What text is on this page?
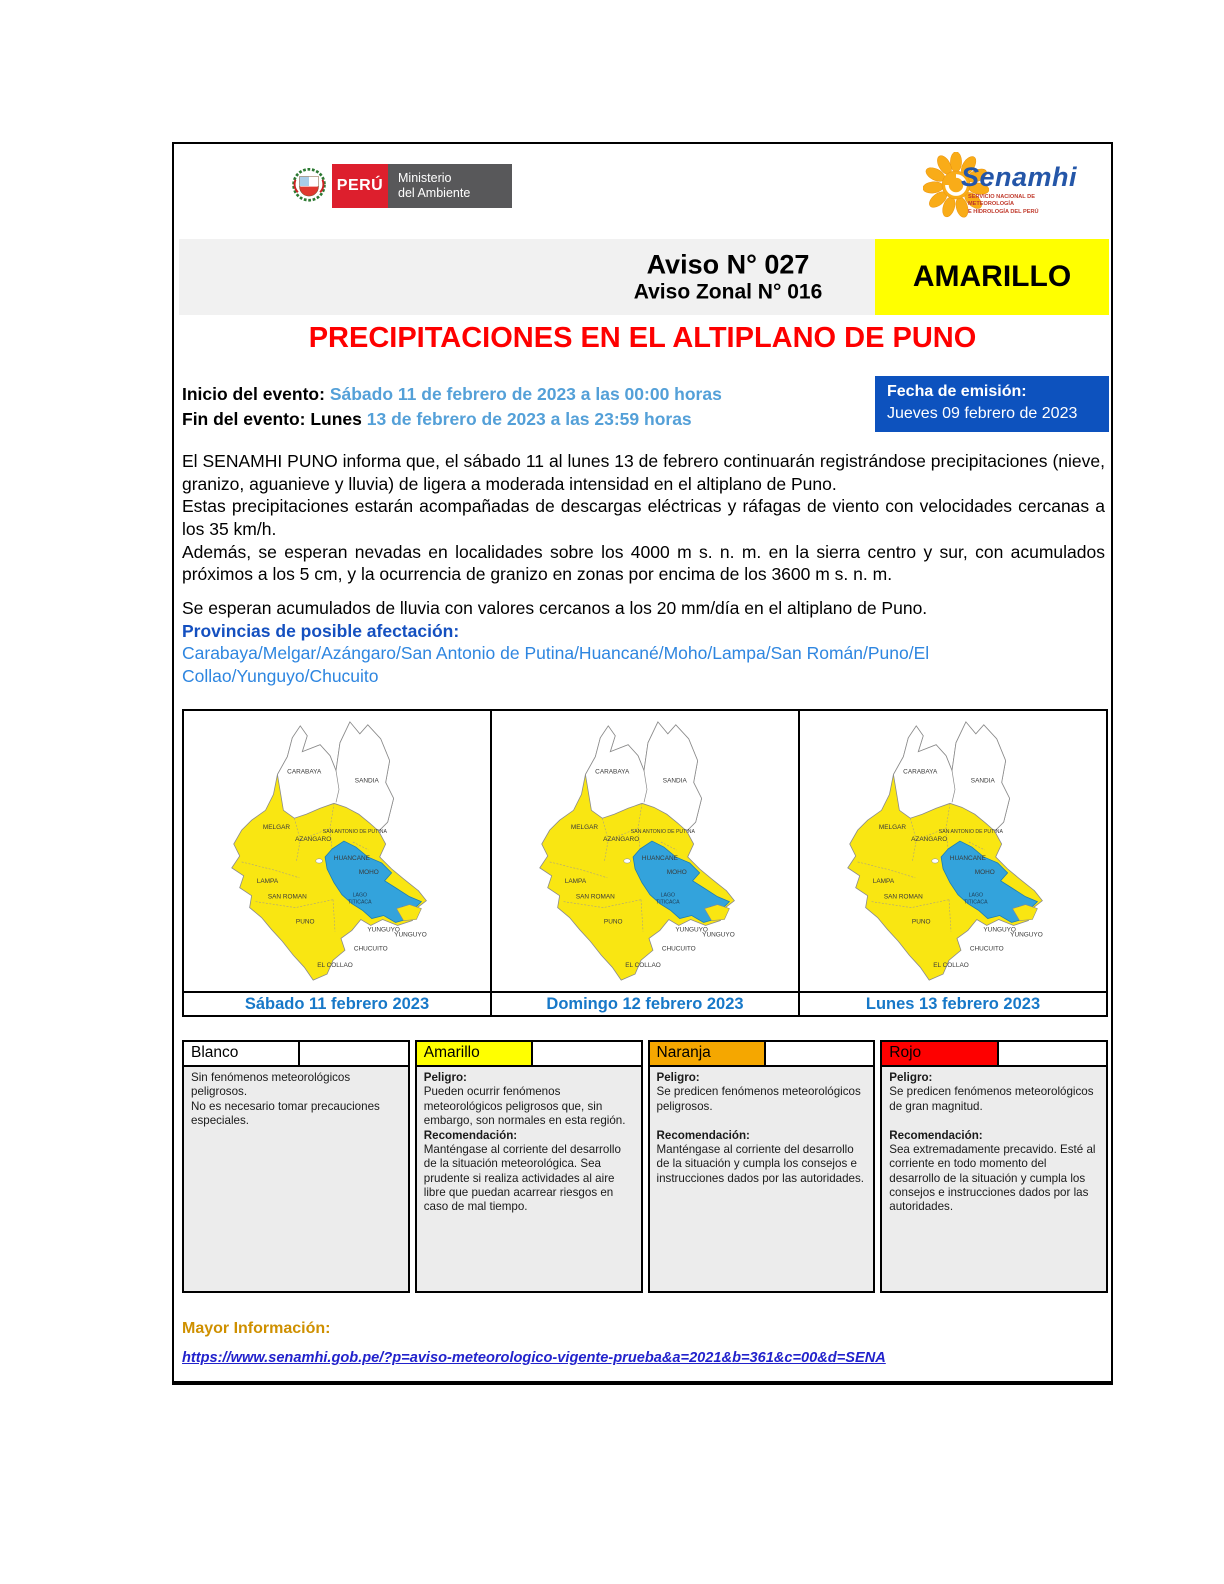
PERÚ	Ministerio
del Ambiente
Senamhi
SERVICIO NACIONAL DE METEOROLOGÍA
E HIDROLOGÍA DEL PERÚ
Aviso N° 027
Aviso Zonal N° 016	AMARILLO
PRECIPITACIONES EN EL ALTIPLANO DE PUNO
Inicio del evento: Sábado 11 de febrero de 2023 a las 00:00 horas
Fin del evento: Lunes 13 de febrero de 2023 a las 23:59 horas
Fecha de emisión:
Jueves 09 febrero de 2023

El SENAMHI PUNO informa que, el sábado 11 al lunes 13 de febrero continuarán registrándose precipitaciones (nieve, granizo, aguanieve y lluvia) de ligera a moderada intensidad en el altiplano de Puno.

Estas precipitaciones estarán acompañadas de descargas eléctricas y ráfagas de viento con velocidades cercanas a los 35 km/h.

Además, se esperan nevadas en localidades sobre los 4000 m s. n. m. en la sierra centro y sur, con acumulados próximos a los 5 cm, y la ocurrencia de granizo en zonas por encima de los 3600 m s. n. m.

Se esperan acumulados de lluvia con valores cercanos a los 20 mm/día en el altiplano de Puno.

Provincias de posible afectación:

Carabaya/Melgar/Azángaro/San Antonio de Putina/Huancané/Moho/Lampa/San Román/Puno/El Collao/Yunguyo/Chucuito

CARABAYA
SANDIA
MELGAR
SAN ANTONIO DE PUTINA
AZANGARO
HUANCANE
MOHO
LAMPA
SAN ROMAN
PUNO
LAGO
TITICACA
YUNGUYO
YUNGUYO
CHUCUITO
EL COLLAO

CARABAYA
SANDIA
MELGAR
SAN ANTONIO DE PUTINA
AZANGARO
HUANCANE
MOHO
LAMPA
SAN ROMAN
PUNO
LAGO
TITICACA
YUNGUYO
YUNGUYO
CHUCUITO
EL COLLAO

CARABAYA
SANDIA
MELGAR
SAN ANTONIO DE PUTINA
AZANGARO
HUANCANE
MOHO
LAMPA
SAN ROMAN
PUNO
LAGO
TITICACA
YUNGUYO
YUNGUYO
CHUCUITO
EL COLLAO

Sábado 11 febrero 2023	Domingo 12 febrero 2023	Lunes 13 febrero 2023
Blanco
Sin fenómenos meteorológicos peligrosos.
No es necesario tomar precauciones especiales.
Amarillo
Peligro:
Pueden ocurrir fenómenos meteorológicos peligrosos que, sin embargo, son normales en esta región.
Recomendación:
Manténgase al corriente del desarrollo de la situación meteorológica. Sea prudente si realiza actividades al aire libre que puedan acarrear riesgos en caso de mal tiempo.
Naranja
Peligro:
Se predicen fenómenos meteorológicos peligrosos.

Recomendación:
Manténgase al corriente del desarrollo de la situación y cumpla los consejos e instrucciones dados por las autoridades.
Rojo
Peligro:
Se predicen fenómenos meteorológicos de gran magnitud.

Recomendación:
Sea extremadamente precavido. Esté al corriente en todo momento del desarrollo de la situación y cumpla los consejos e instrucciones dados por las autoridades.
Mayor Información:
https://www.senamhi.gob.pe/?p=aviso-meteorologico-vigente-prueba&a=2021&b=361&c=00&d=SENA
